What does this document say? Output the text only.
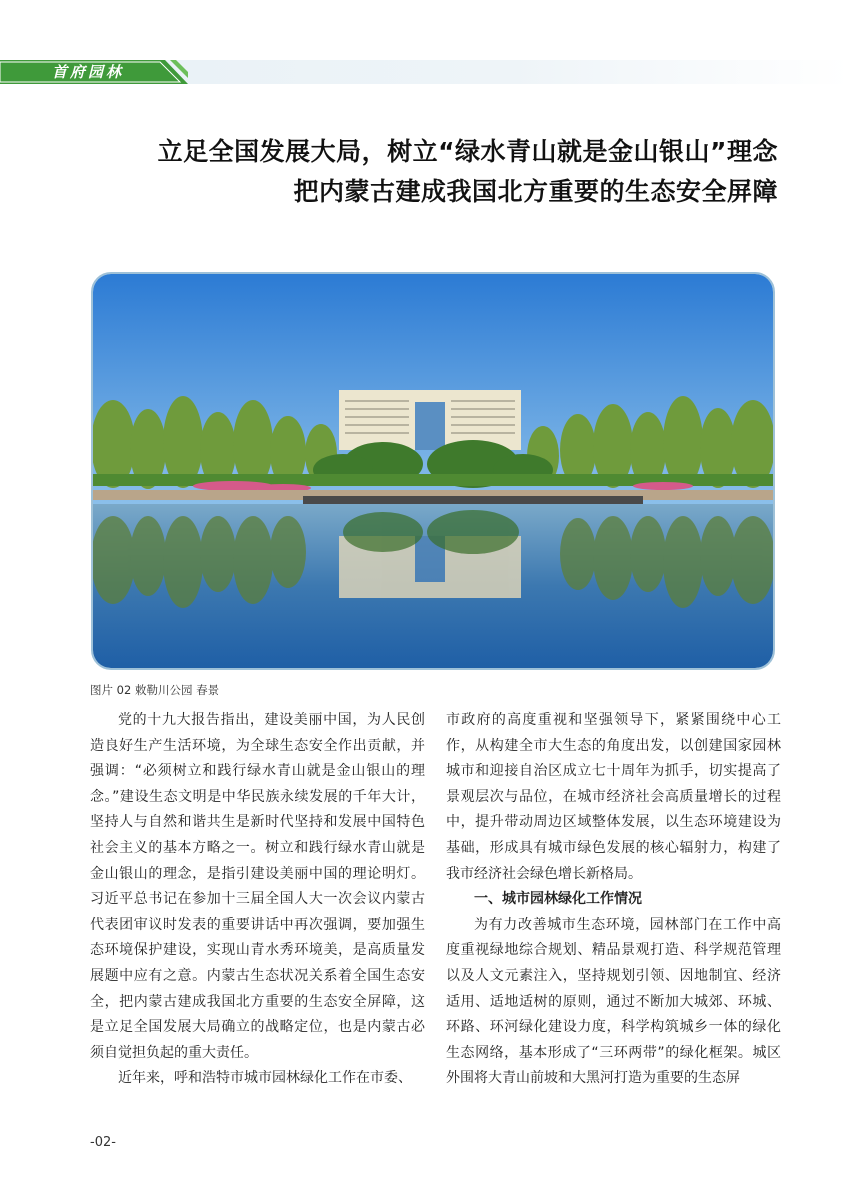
首府园林
立足全国发展大局，树立“绿水青山就是金山银山”理念
把内蒙古建成我国北方重要的生态安全屏障
图片 02 敕勒川公园 春景

党的十九大报告指出，建设美丽中国，为人民创造良好生产生活环境，为全球生态安全作出贡献，并强调：“必须树立和践行绿水青山就是金山银山的理念。”建设生态文明是中华民族永续发展的千年大计，坚持人与自然和谐共生是新时代坚持和发展中国特色社会主义的基本方略之一。树立和践行绿水青山就是金山银山的理念，是指引建设美丽中国的理论明灯。习近平总书记在参加十三届全国人大一次会议内蒙古代表团审议时发表的重要讲话中再次强调，要加强生态环境保护建设，实现山青水秀环境美，是高质量发展题中应有之意。内蒙古生态状况关系着全国生态安全，把内蒙古建成我国北方重要的生态安全屏障，这是立足全国发展大局确立的战略定位，也是内蒙古必须自觉担负起的重大责任。

近年来，呼和浩特市城市园林绿化工作在市委、

市政府的高度重视和坚强领导下，紧紧围绕中心工作，从构建全市大生态的角度出发，以创建国家园林城市和迎接自治区成立七十周年为抓手，切实提高了景观层次与品位，在城市经济社会高质量增长的过程中，提升带动周边区域整体发展，以生态环境建设为基础，形成具有城市绿色发展的核心辐射力，构建了我市经济社会绿色增长新格局。

一、城市园林绿化工作情况

为有力改善城市生态环境，园林部门在工作中高度重视绿地综合规划、精品景观打造、科学规范管理以及人文元素注入，坚持规划引领、因地制宜、经济适用、适地适树的原则，通过不断加大城郊、环城、环路、环河绿化建设力度，科学构筑城乡一体的绿化生态网络，基本形成了“三环两带”的绿化框架。城区外围将大青山前坡和大黑河打造为重要的生态屏

-02-
